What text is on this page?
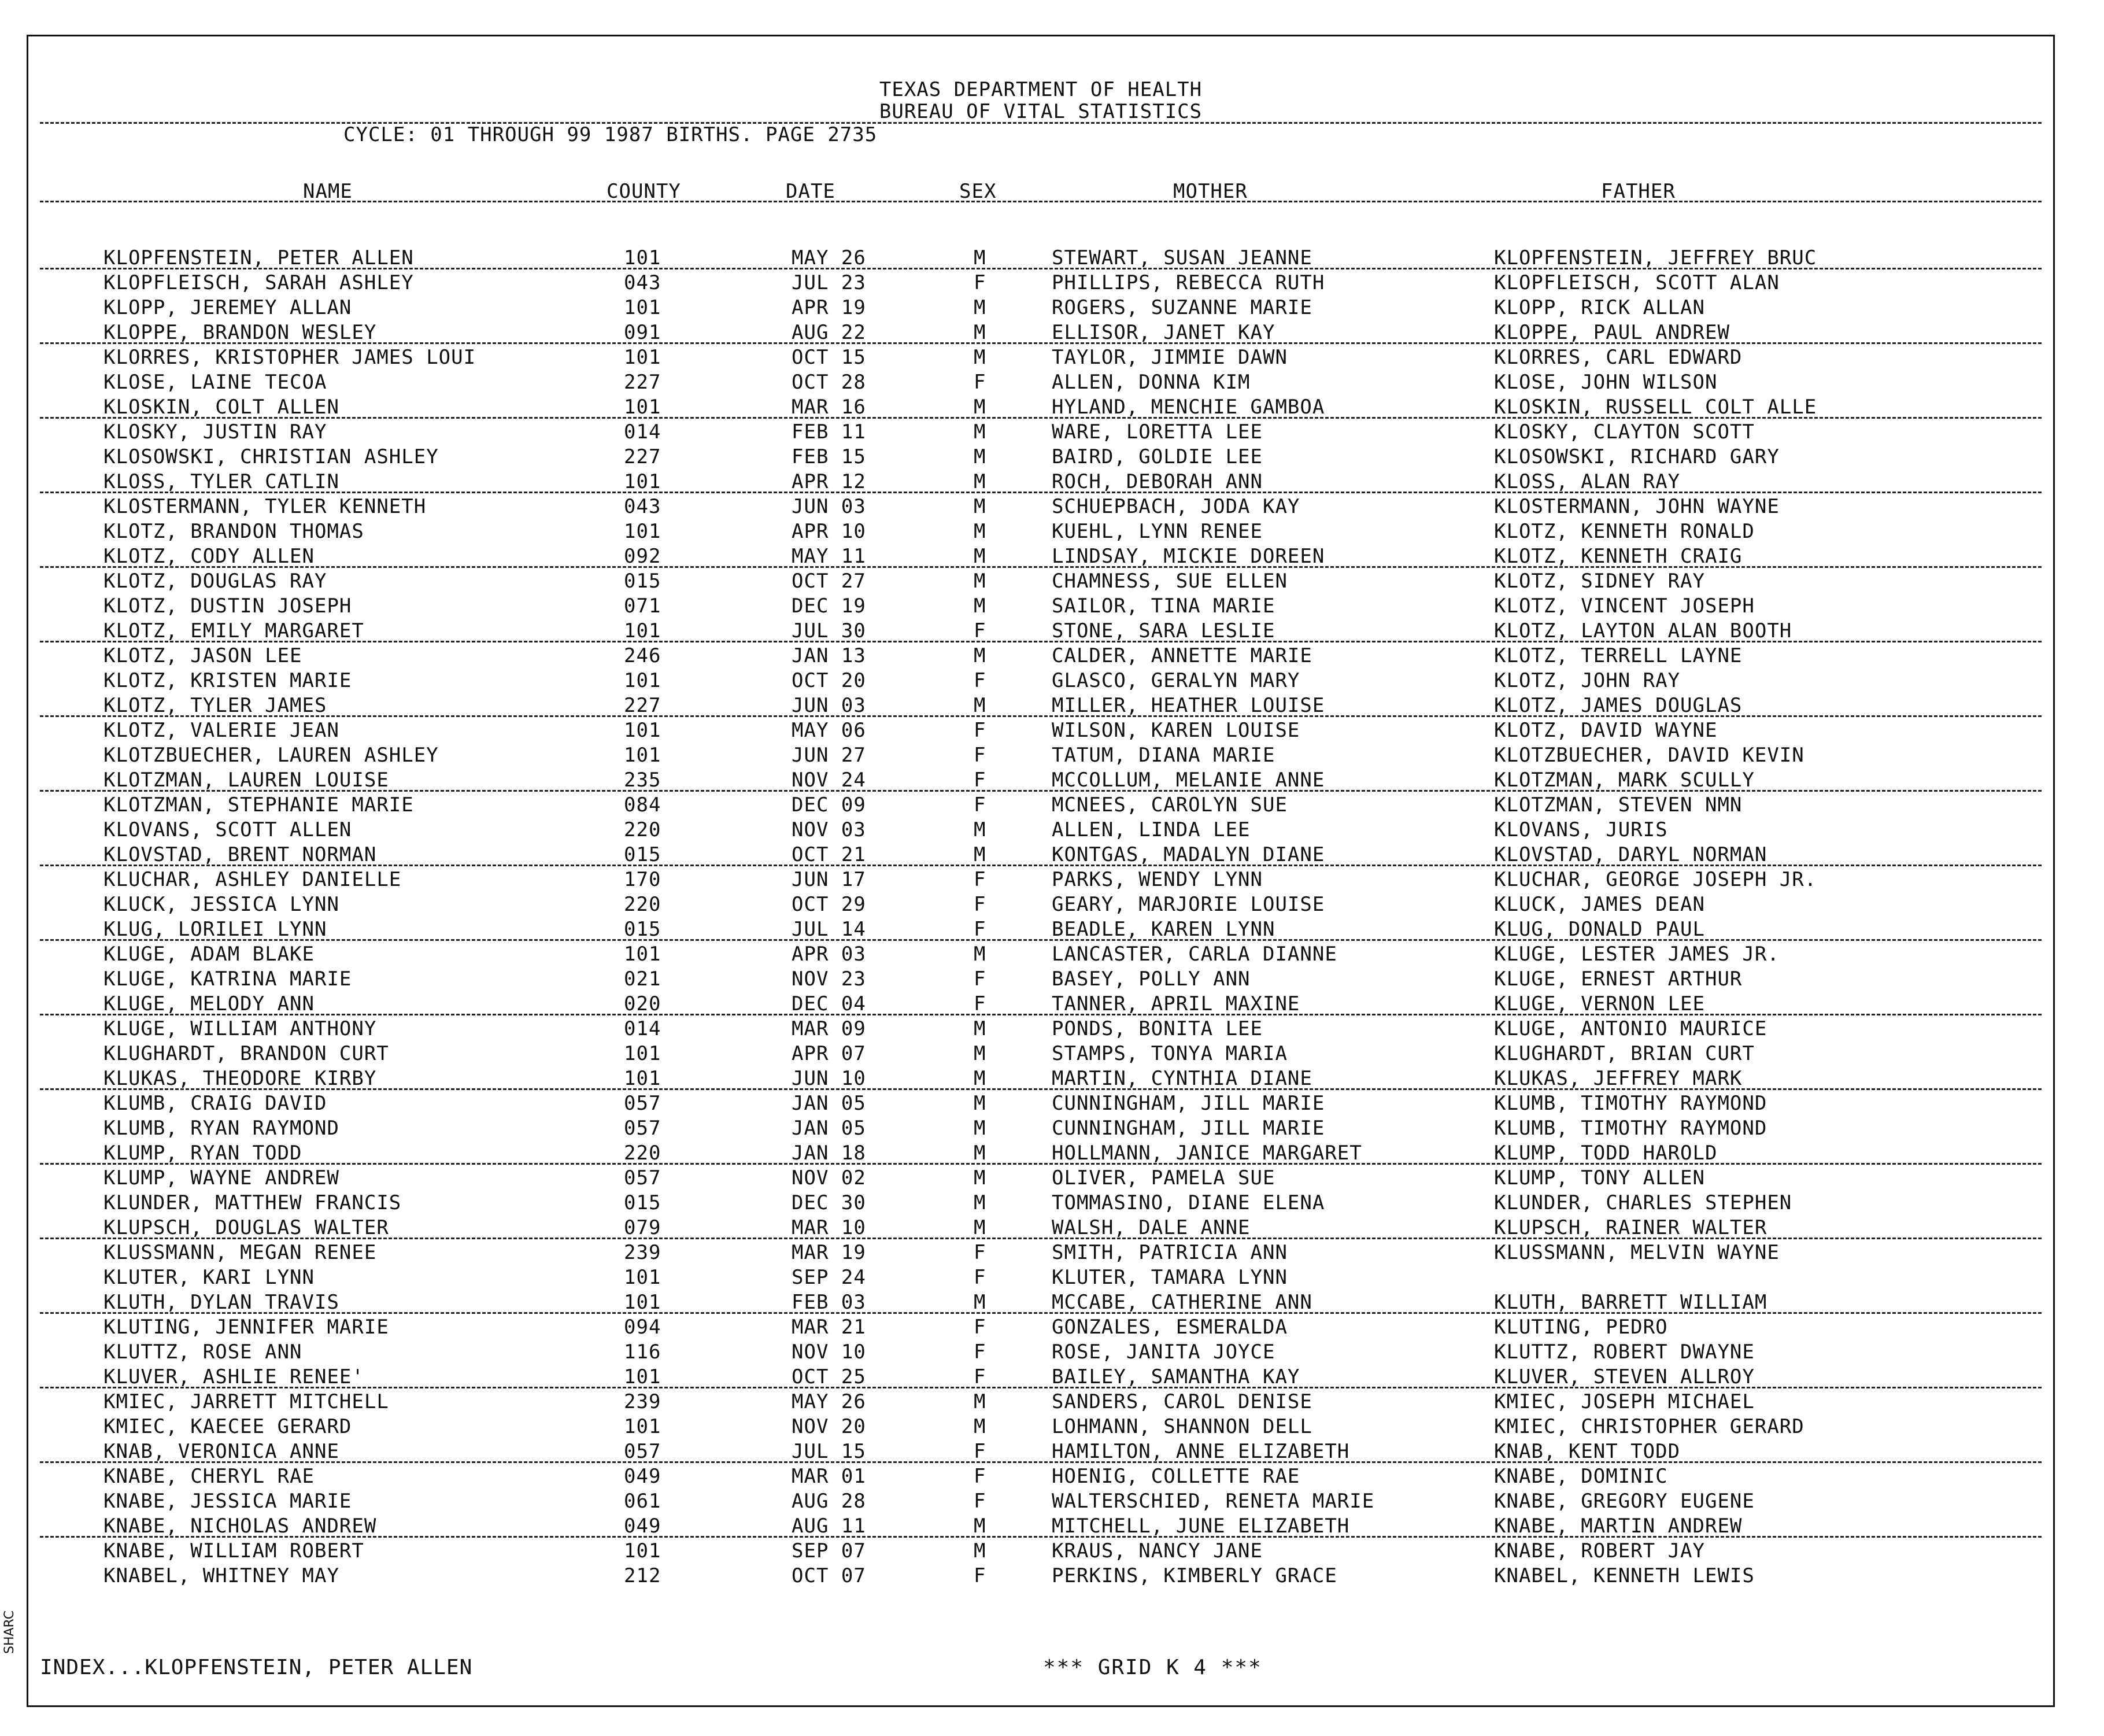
TEXAS DEPARTMENT OF HEALTH
BUREAU OF VITAL STATISTICS
CYCLE: 01 THROUGH 99 1987 BIRTHS. PAGE 2735
NAME	COUNTY	DATE	SEX	MOTHER	FATHER
KLOPFENSTEIN, PETER ALLEN	101	MAY 26	M	STEWART, SUSAN JEANNE	KLOPFENSTEIN, JEFFREY BRUC
KLOPFLEISCH, SARAH ASHLEY	043	JUL 23	F	PHILLIPS, REBECCA RUTH	KLOPFLEISCH, SCOTT ALAN
KLOPP, JEREMEY ALLAN	101	APR 19	M	ROGERS, SUZANNE MARIE	KLOPP, RICK ALLAN
KLOPPE, BRANDON WESLEY	091	AUG 22	M	ELLISOR, JANET KAY	KLOPPE, PAUL ANDREW
KLORRES, KRISTOPHER JAMES LOUI	101	OCT 15	M	TAYLOR, JIMMIE DAWN	KLORRES, CARL EDWARD
KLOSE, LAINE TECOA	227	OCT 28	F	ALLEN, DONNA KIM	KLOSE, JOHN WILSON
KLOSKIN, COLT ALLEN	101	MAR 16	M	HYLAND, MENCHIE GAMBOA	KLOSKIN, RUSSELL COLT ALLE
KLOSKY, JUSTIN RAY	014	FEB 11	M	WARE, LORETTA LEE	KLOSKY, CLAYTON SCOTT
KLOSOWSKI, CHRISTIAN ASHLEY	227	FEB 15	M	BAIRD, GOLDIE LEE	KLOSOWSKI, RICHARD GARY
KLOSS, TYLER CATLIN	101	APR 12	M	ROCH, DEBORAH ANN	KLOSS, ALAN RAY
KLOSTERMANN, TYLER KENNETH	043	JUN 03	M	SCHUEPBACH, JODA KAY	KLOSTERMANN, JOHN WAYNE
KLOTZ, BRANDON THOMAS	101	APR 10	M	KUEHL, LYNN RENEE	KLOTZ, KENNETH RONALD
KLOTZ, CODY ALLEN	092	MAY 11	M	LINDSAY, MICKIE DOREEN	KLOTZ, KENNETH CRAIG
KLOTZ, DOUGLAS RAY	015	OCT 27	M	CHAMNESS, SUE ELLEN	KLOTZ, SIDNEY RAY
KLOTZ, DUSTIN JOSEPH	071	DEC 19	M	SAILOR, TINA MARIE	KLOTZ, VINCENT JOSEPH
KLOTZ, EMILY MARGARET	101	JUL 30	F	STONE, SARA LESLIE	KLOTZ, LAYTON ALAN BOOTH
KLOTZ, JASON LEE	246	JAN 13	M	CALDER, ANNETTE MARIE	KLOTZ, TERRELL LAYNE
KLOTZ, KRISTEN MARIE	101	OCT 20	F	GLASCO, GERALYN MARY	KLOTZ, JOHN RAY
KLOTZ, TYLER JAMES	227	JUN 03	M	MILLER, HEATHER LOUISE	KLOTZ, JAMES DOUGLAS
KLOTZ, VALERIE JEAN	101	MAY 06	F	WILSON, KAREN LOUISE	KLOTZ, DAVID WAYNE
KLOTZBUECHER, LAUREN ASHLEY	101	JUN 27	F	TATUM, DIANA MARIE	KLOTZBUECHER, DAVID KEVIN
KLOTZMAN, LAUREN LOUISE	235	NOV 24	F	MCCOLLUM, MELANIE ANNE	KLOTZMAN, MARK SCULLY
KLOTZMAN, STEPHANIE MARIE	084	DEC 09	F	MCNEES, CAROLYN SUE	KLOTZMAN, STEVEN NMN
KLOVANS, SCOTT ALLEN	220	NOV 03	M	ALLEN, LINDA LEE	KLOVANS, JURIS
KLOVSTAD, BRENT NORMAN	015	OCT 21	M	KONTGAS, MADALYN DIANE	KLOVSTAD, DARYL NORMAN
KLUCHAR, ASHLEY DANIELLE	170	JUN 17	F	PARKS, WENDY LYNN	KLUCHAR, GEORGE JOSEPH JR.
KLUCK, JESSICA LYNN	220	OCT 29	F	GEARY, MARJORIE LOUISE	KLUCK, JAMES DEAN
KLUG, LORILEI LYNN	015	JUL 14	F	BEADLE, KAREN LYNN	KLUG, DONALD PAUL
KLUGE, ADAM BLAKE	101	APR 03	M	LANCASTER, CARLA DIANNE	KLUGE, LESTER JAMES JR.
KLUGE, KATRINA MARIE	021	NOV 23	F	BASEY, POLLY ANN	KLUGE, ERNEST ARTHUR
KLUGE, MELODY ANN	020	DEC 04	F	TANNER, APRIL MAXINE	KLUGE, VERNON LEE
KLUGE, WILLIAM ANTHONY	014	MAR 09	M	PONDS, BONITA LEE	KLUGE, ANTONIO MAURICE
KLUGHARDT, BRANDON CURT	101	APR 07	M	STAMPS, TONYA MARIA	KLUGHARDT, BRIAN CURT
KLUKAS, THEODORE KIRBY	101	JUN 10	M	MARTIN, CYNTHIA DIANE	KLUKAS, JEFFREY MARK
KLUMB, CRAIG DAVID	057	JAN 05	M	CUNNINGHAM, JILL MARIE	KLUMB, TIMOTHY RAYMOND
KLUMB, RYAN RAYMOND	057	JAN 05	M	CUNNINGHAM, JILL MARIE	KLUMB, TIMOTHY RAYMOND
KLUMP, RYAN TODD	220	JAN 18	M	HOLLMANN, JANICE MARGARET	KLUMP, TODD HAROLD
KLUMP, WAYNE ANDREW	057	NOV 02	M	OLIVER, PAMELA SUE	KLUMP, TONY ALLEN
KLUNDER, MATTHEW FRANCIS	015	DEC 30	M	TOMMASINO, DIANE ELENA	KLUNDER, CHARLES STEPHEN
KLUPSCH, DOUGLAS WALTER	079	MAR 10	M	WALSH, DALE ANNE	KLUPSCH, RAINER WALTER
KLUSSMANN, MEGAN RENEE	239	MAR 19	F	SMITH, PATRICIA ANN	KLUSSMANN, MELVIN WAYNE
KLUTER, KARI LYNN	101	SEP 24	F	KLUTER, TAMARA LYNN
KLUTH, DYLAN TRAVIS	101	FEB 03	M	MCCABE, CATHERINE ANN	KLUTH, BARRETT WILLIAM
KLUTING, JENNIFER MARIE	094	MAR 21	F	GONZALES, ESMERALDA	KLUTING, PEDRO
KLUTTZ, ROSE ANN	116	NOV 10	F	ROSE, JANITA JOYCE	KLUTTZ, ROBERT DWAYNE
KLUVER, ASHLIE RENEE'	101	OCT 25	F	BAILEY, SAMANTHA KAY	KLUVER, STEVEN ALLROY
KMIEC, JARRETT MITCHELL	239	MAY 26	M	SANDERS, CAROL DENISE	KMIEC, JOSEPH MICHAEL
KMIEC, KAECEE GERARD	101	NOV 20	M	LOHMANN, SHANNON DELL	KMIEC, CHRISTOPHER GERARD
KNAB, VERONICA ANNE	057	JUL 15	F	HAMILTON, ANNE ELIZABETH	KNAB, KENT TODD
KNABE, CHERYL RAE	049	MAR 01	F	HOENIG, COLLETTE RAE	KNABE, DOMINIC
KNABE, JESSICA MARIE	061	AUG 28	F	WALTERSCHIED, RENETA MARIE	KNABE, GREGORY EUGENE
KNABE, NICHOLAS ANDREW	049	AUG 11	M	MITCHELL, JUNE ELIZABETH	KNABE, MARTIN ANDREW
KNABE, WILLIAM ROBERT	101	SEP 07	M	KRAUS, NANCY JANE	KNABE, ROBERT JAY
KNABEL, WHITNEY MAY	212	OCT 07	F	PERKINS, KIMBERLY GRACE	KNABEL, KENNETH LEWIS
INDEX...KLOPFENSTEIN, PETER ALLEN	*** GRID K 4 ***
SHARC
